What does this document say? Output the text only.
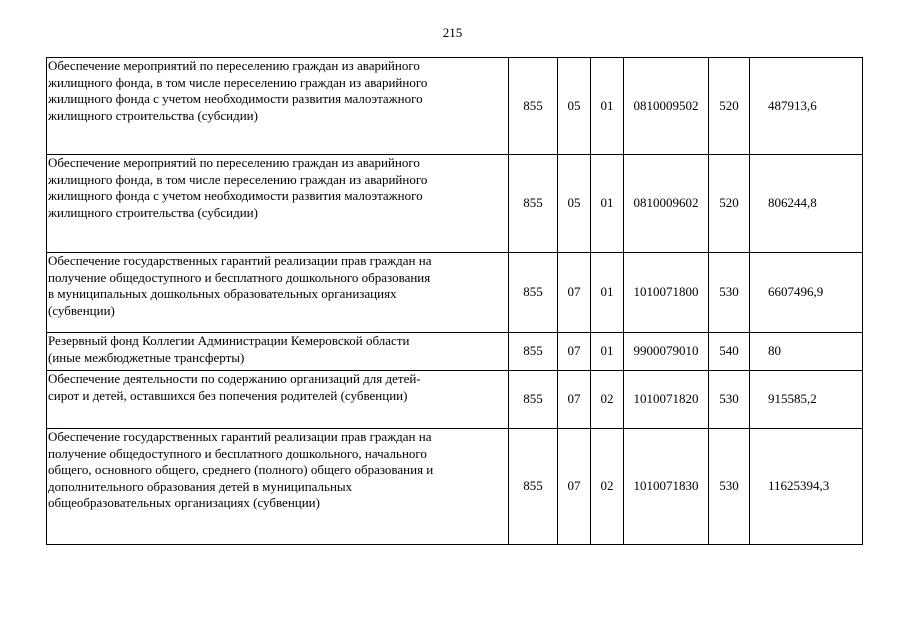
215
Обеспечение мероприятий по переселению граждан из аварийного
жилищного фонда, в том числе переселению граждан из аварийного
жилищного фонда с учетом необходимости развития малоэтажного
жилищного строительства (субсидии)	855	05	01	0810009502	520	487913,6
Обеспечение мероприятий по переселению граждан из аварийного
жилищного фонда, в том числе переселению граждан из аварийного
жилищного фонда с учетом необходимости развития малоэтажного
жилищного строительства (субсидии)	855	05	01	0810009602	520	806244,8
Обеспечение государственных гарантий реализации прав граждан на
получение общедоступного и бесплатного дошкольного образования
в муниципальных дошкольных образовательных организациях
(субвенции)	855	07	01	1010071800	530	6607496,9
Резервный фонд Коллегии Администрации Кемеровской области
(иные межбюджетные трансферты)	855	07	01	9900079010	540	80
Обеспечение деятельности по содержанию организаций для детей-
сирот и детей, оставшихся без попечения родителей (субвенции)	855	07	02	1010071820	530	915585,2
Обеспечение государственных гарантий реализации прав граждан на
получение общедоступного и бесплатного дошкольного, начального
общего, основного общего, среднего (полного) общего образования и
дополнительного образования детей в муниципальных
общеобразовательных организациях (субвенции)	855	07	02	1010071830	530	11625394,3
